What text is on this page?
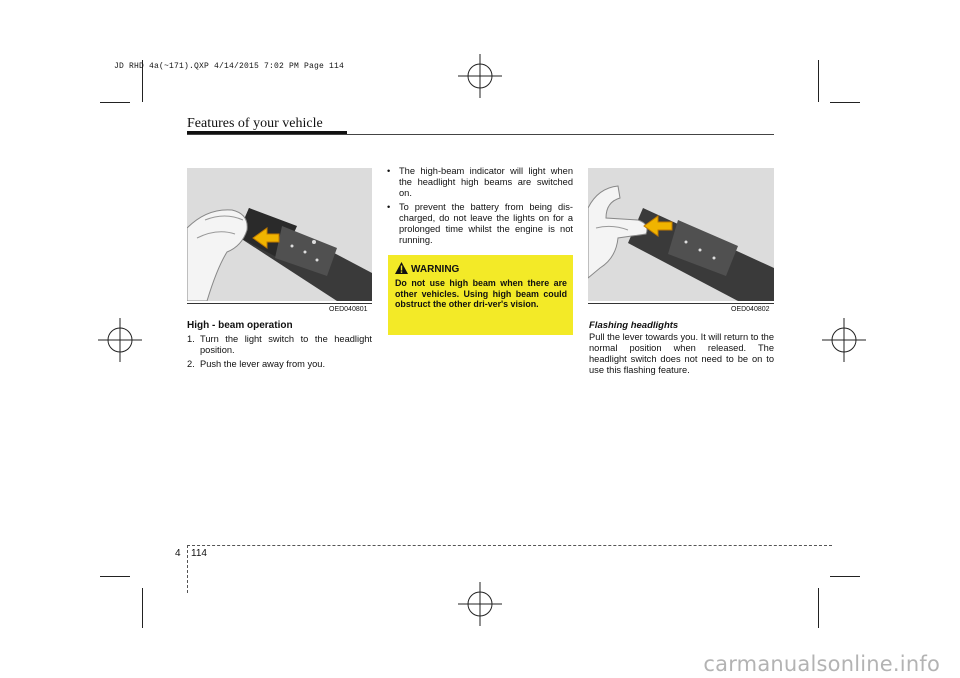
JD RHD 4a(~171).QXP 4/14/2015 7:02 PM Page 114
Features of your vehicle
OED040801
High - beam operation
1. Turn the light switch to the headlight position.
2. Push the lever away from you.
• The high-beam indicator will light when the headlight high beams are switched on.
• To prevent the battery from being dis-charged, do not leave the lights on for a prolonged time whilst the engine is not running.
WARNING
Do not use high beam when there are other vehicles. Using high beam could obstruct the other dri-ver's vision.
OED040802
Flashing headlights

Pull the lever towards you. It will return to the normal position when released. The headlight switch does not need to be on to use this flashing feature.

4 114
carmanualsonline.info
